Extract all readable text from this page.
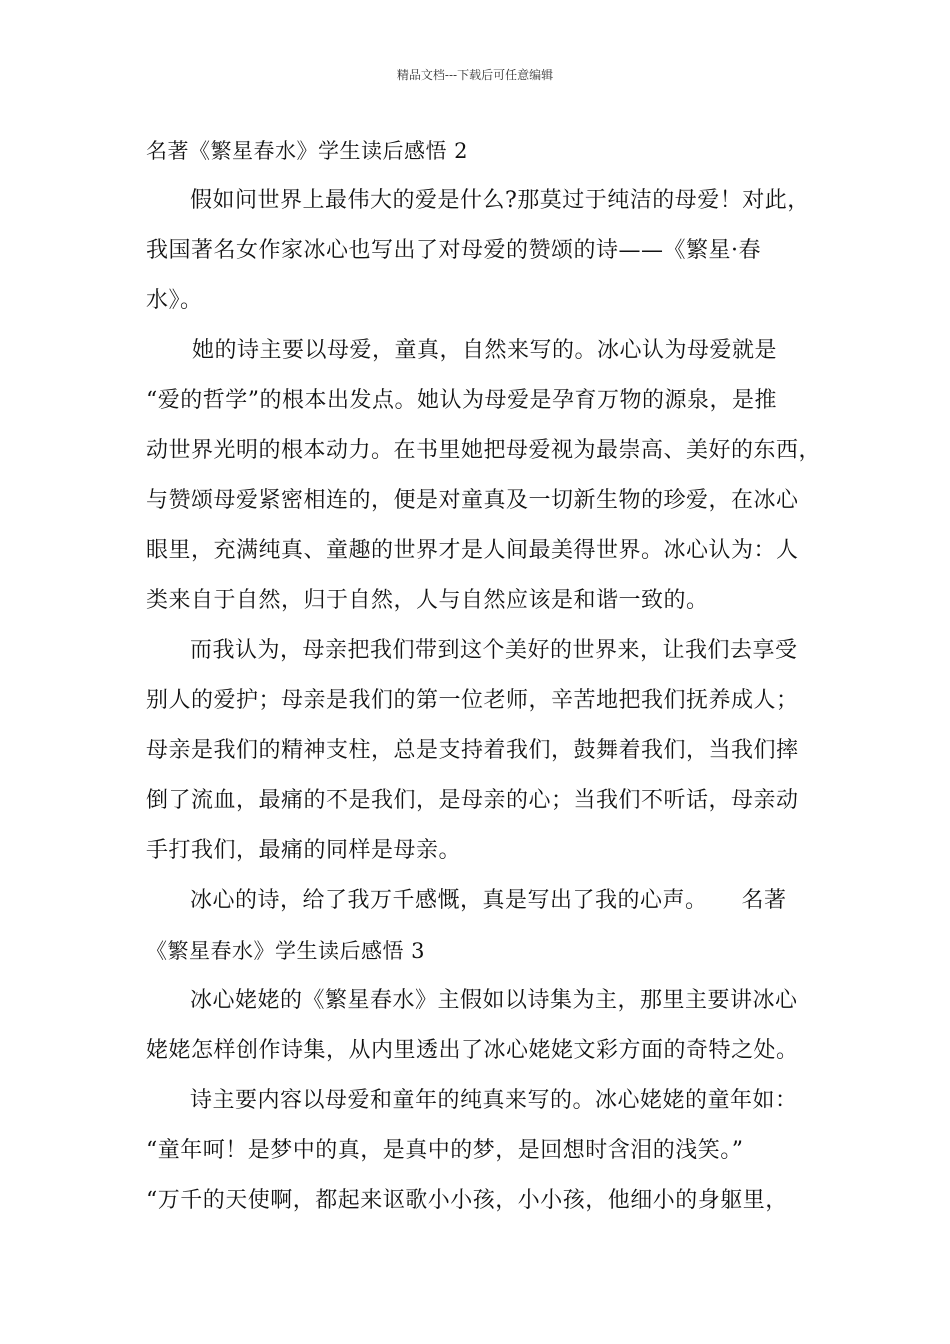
精品文档---下载后可任意编辑
名著《繁星春水》学生读后感悟 2
假如问世界上最伟大的爱是什么?那莫过于纯洁的母爱！对此，
我国著名女作家冰心也写出了对母爱的赞颂的诗——《繁星·春
水》。
她的诗主要以母爱，童真，自然来写的。冰心认为母爱就是
“爱的哲学”的根本出发点。她认为母爱是孕育万物的源泉，是推
动世界光明的根本动力。在书里她把母爱视为最崇高、美好的东西，
与赞颂母爱紧密相连的，便是对童真及一切新生物的珍爱，在冰心
眼里，充满纯真、童趣的世界才是人间最美得世界。冰心认为：人
类来自于自然，归于自然，人与自然应该是和谐一致的。
而我认为，母亲把我们带到这个美好的世界来，让我们去享受
别人的爱护；母亲是我们的第一位老师，辛苦地把我们抚养成人；
母亲是我们的精神支柱，总是支持着我们，鼓舞着我们，当我们摔
倒了流血，最痛的不是我们，是母亲的心；当我们不听话，母亲动
手打我们，最痛的同样是母亲。
冰心的诗，给了我万千感慨，真是写出了我的心声。　　名著
《繁星春水》学生读后感悟 3
冰心姥姥的《繁星春水》主假如以诗集为主，那里主要讲冰心
姥姥怎样创作诗集，从内里透出了冰心姥姥文彩方面的奇特之处。
诗主要内容以母爱和童年的纯真来写的。冰心姥姥的童年如：
“童年呵！是梦中的真，是真中的梦，是回想时含泪的浅笑。”
“万千的天使啊，都起来讴歌小小孩，小小孩，他细小的身躯里，
